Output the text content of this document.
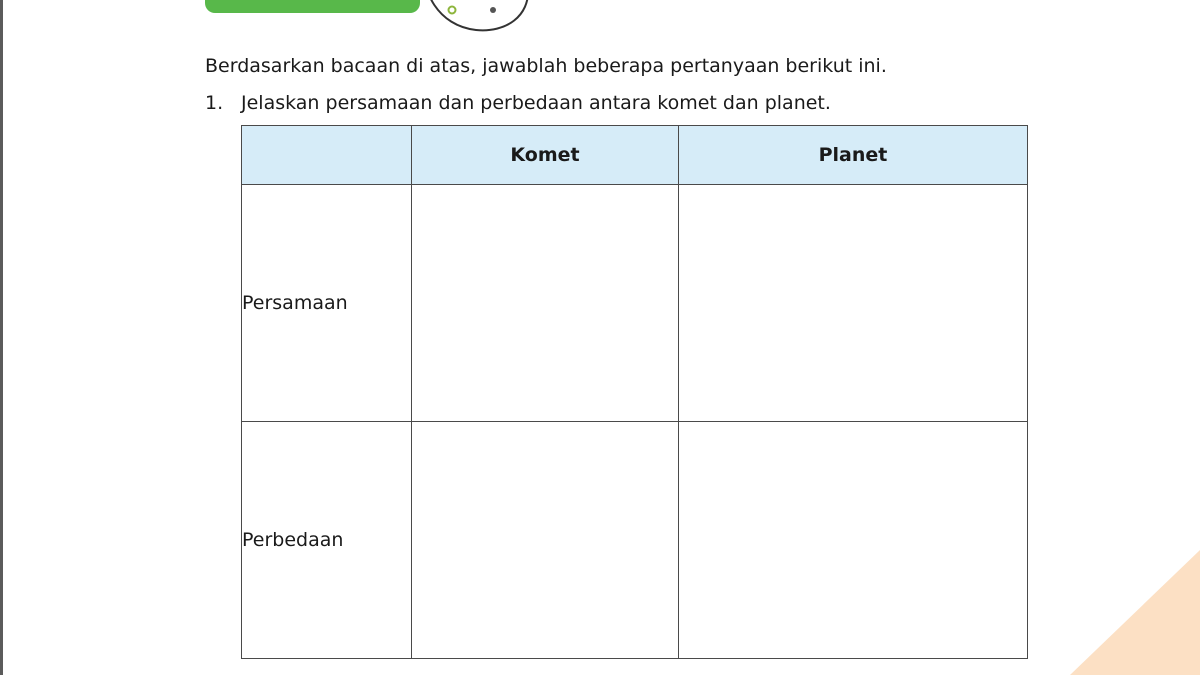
Berdasarkan bacaan di atas, jawablah beberapa pertanyaan berikut ini.

1. Jelaskan persamaan dan perbedaan antara komet dan planet.

	Komet	Planet
Persamaan		
Perbedaan		
